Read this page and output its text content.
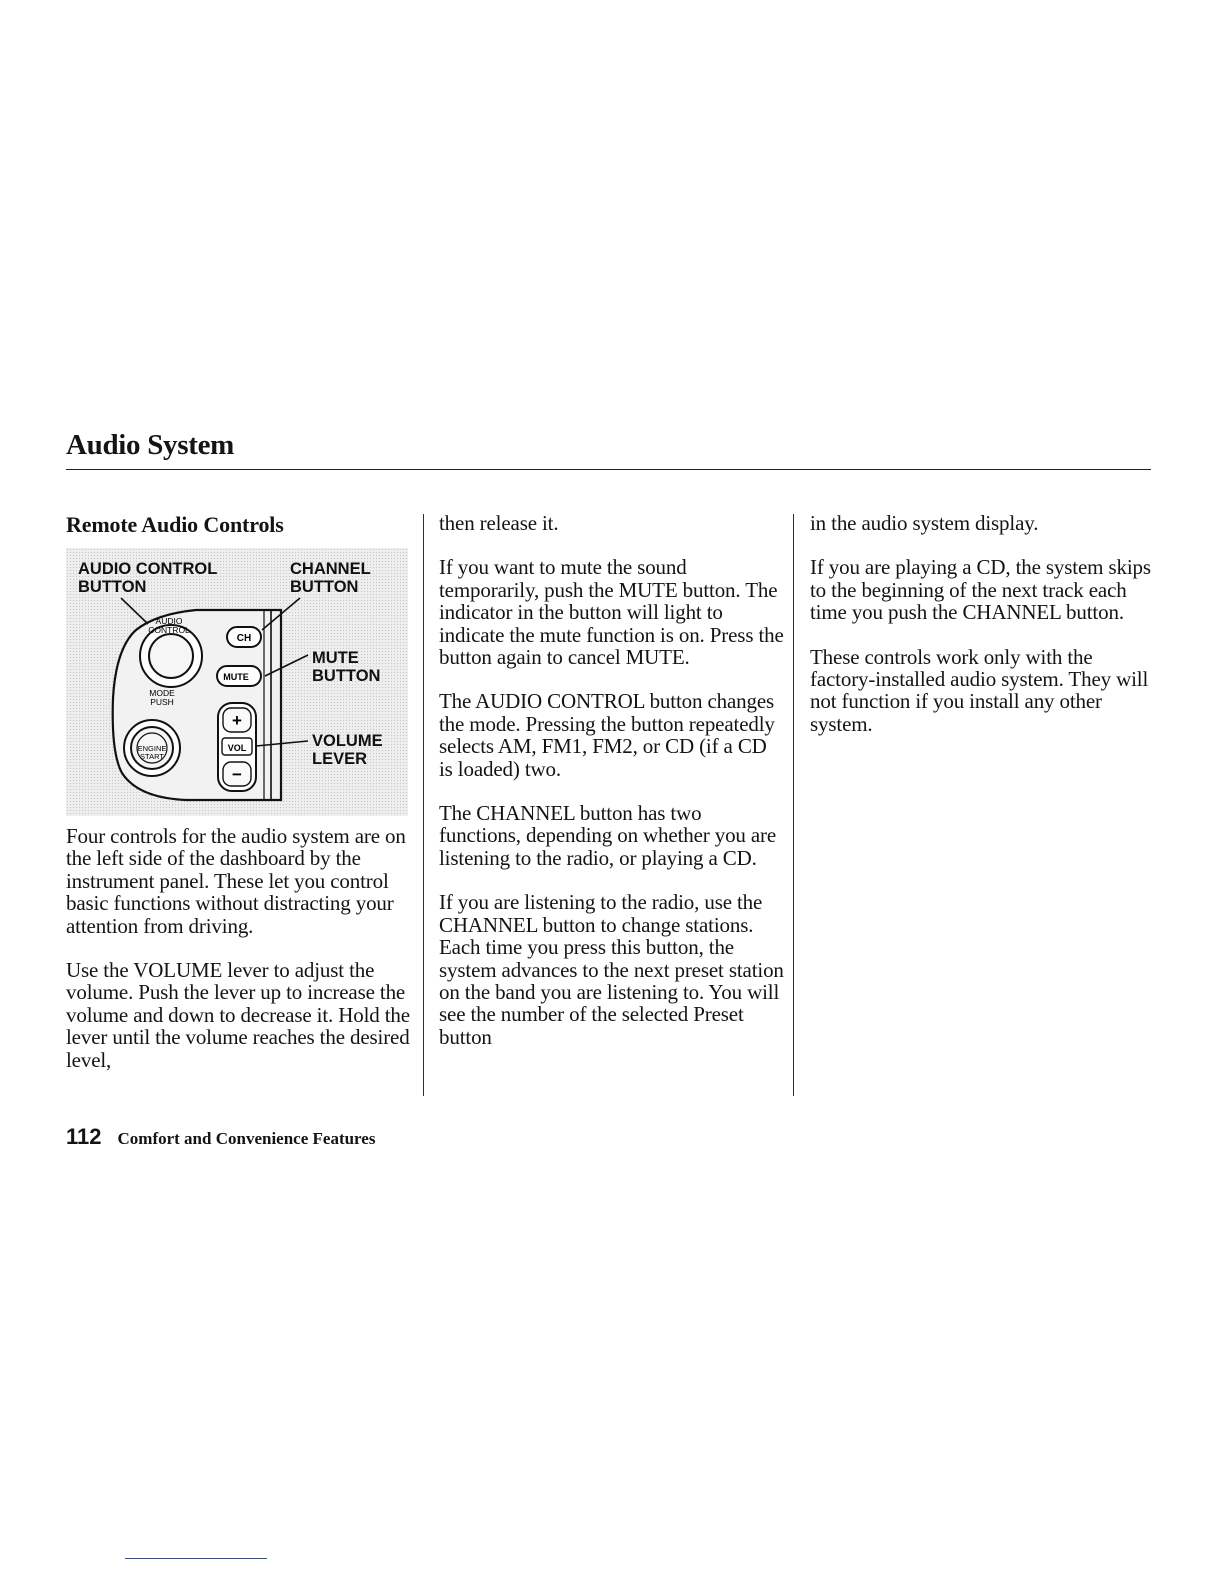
Audio System
Remote Audio Controls
AUDIO CONTROL
MODE PUSH
ENGINE START
CH
MUTE
VOL
+
−
AUDIO CONTROL
BUTTON
CHANNEL
BUTTON
MUTE
BUTTON
VOLUME
LEVER

Four controls for the audio system are on the left side of the dashboard by the instrument panel. These let you control basic functions without distracting your attention from driving.

Use the VOLUME lever to adjust the volume. Push the lever up to increase the volume and down to decrease it. Hold the lever until the volume reaches the desired level,

then release it.

If you want to mute the sound temporarily, push the MUTE button. The indicator in the button will light to indicate the mute function is on. Press the button again to cancel MUTE.

The AUDIO CONTROL button changes the mode. Pressing the button repeatedly selects AM, FM1, FM2, or CD (if a CD is loaded) two.

The CHANNEL button has two functions, depending on whether you are listening to the radio, or playing a CD.

If you are listening to the radio, use the CHANNEL button to change stations. Each time you press this button, the system advances to the next preset station on the band you are listening to. You will see the number of the selected Preset button

in the audio system display.

If you are playing a CD, the system skips to the beginning of the next track each time you push the CHANNEL button.

These controls work only with the factory-installed audio system. They will not function if you install any other system.

112 Comfort and Convenience Features
